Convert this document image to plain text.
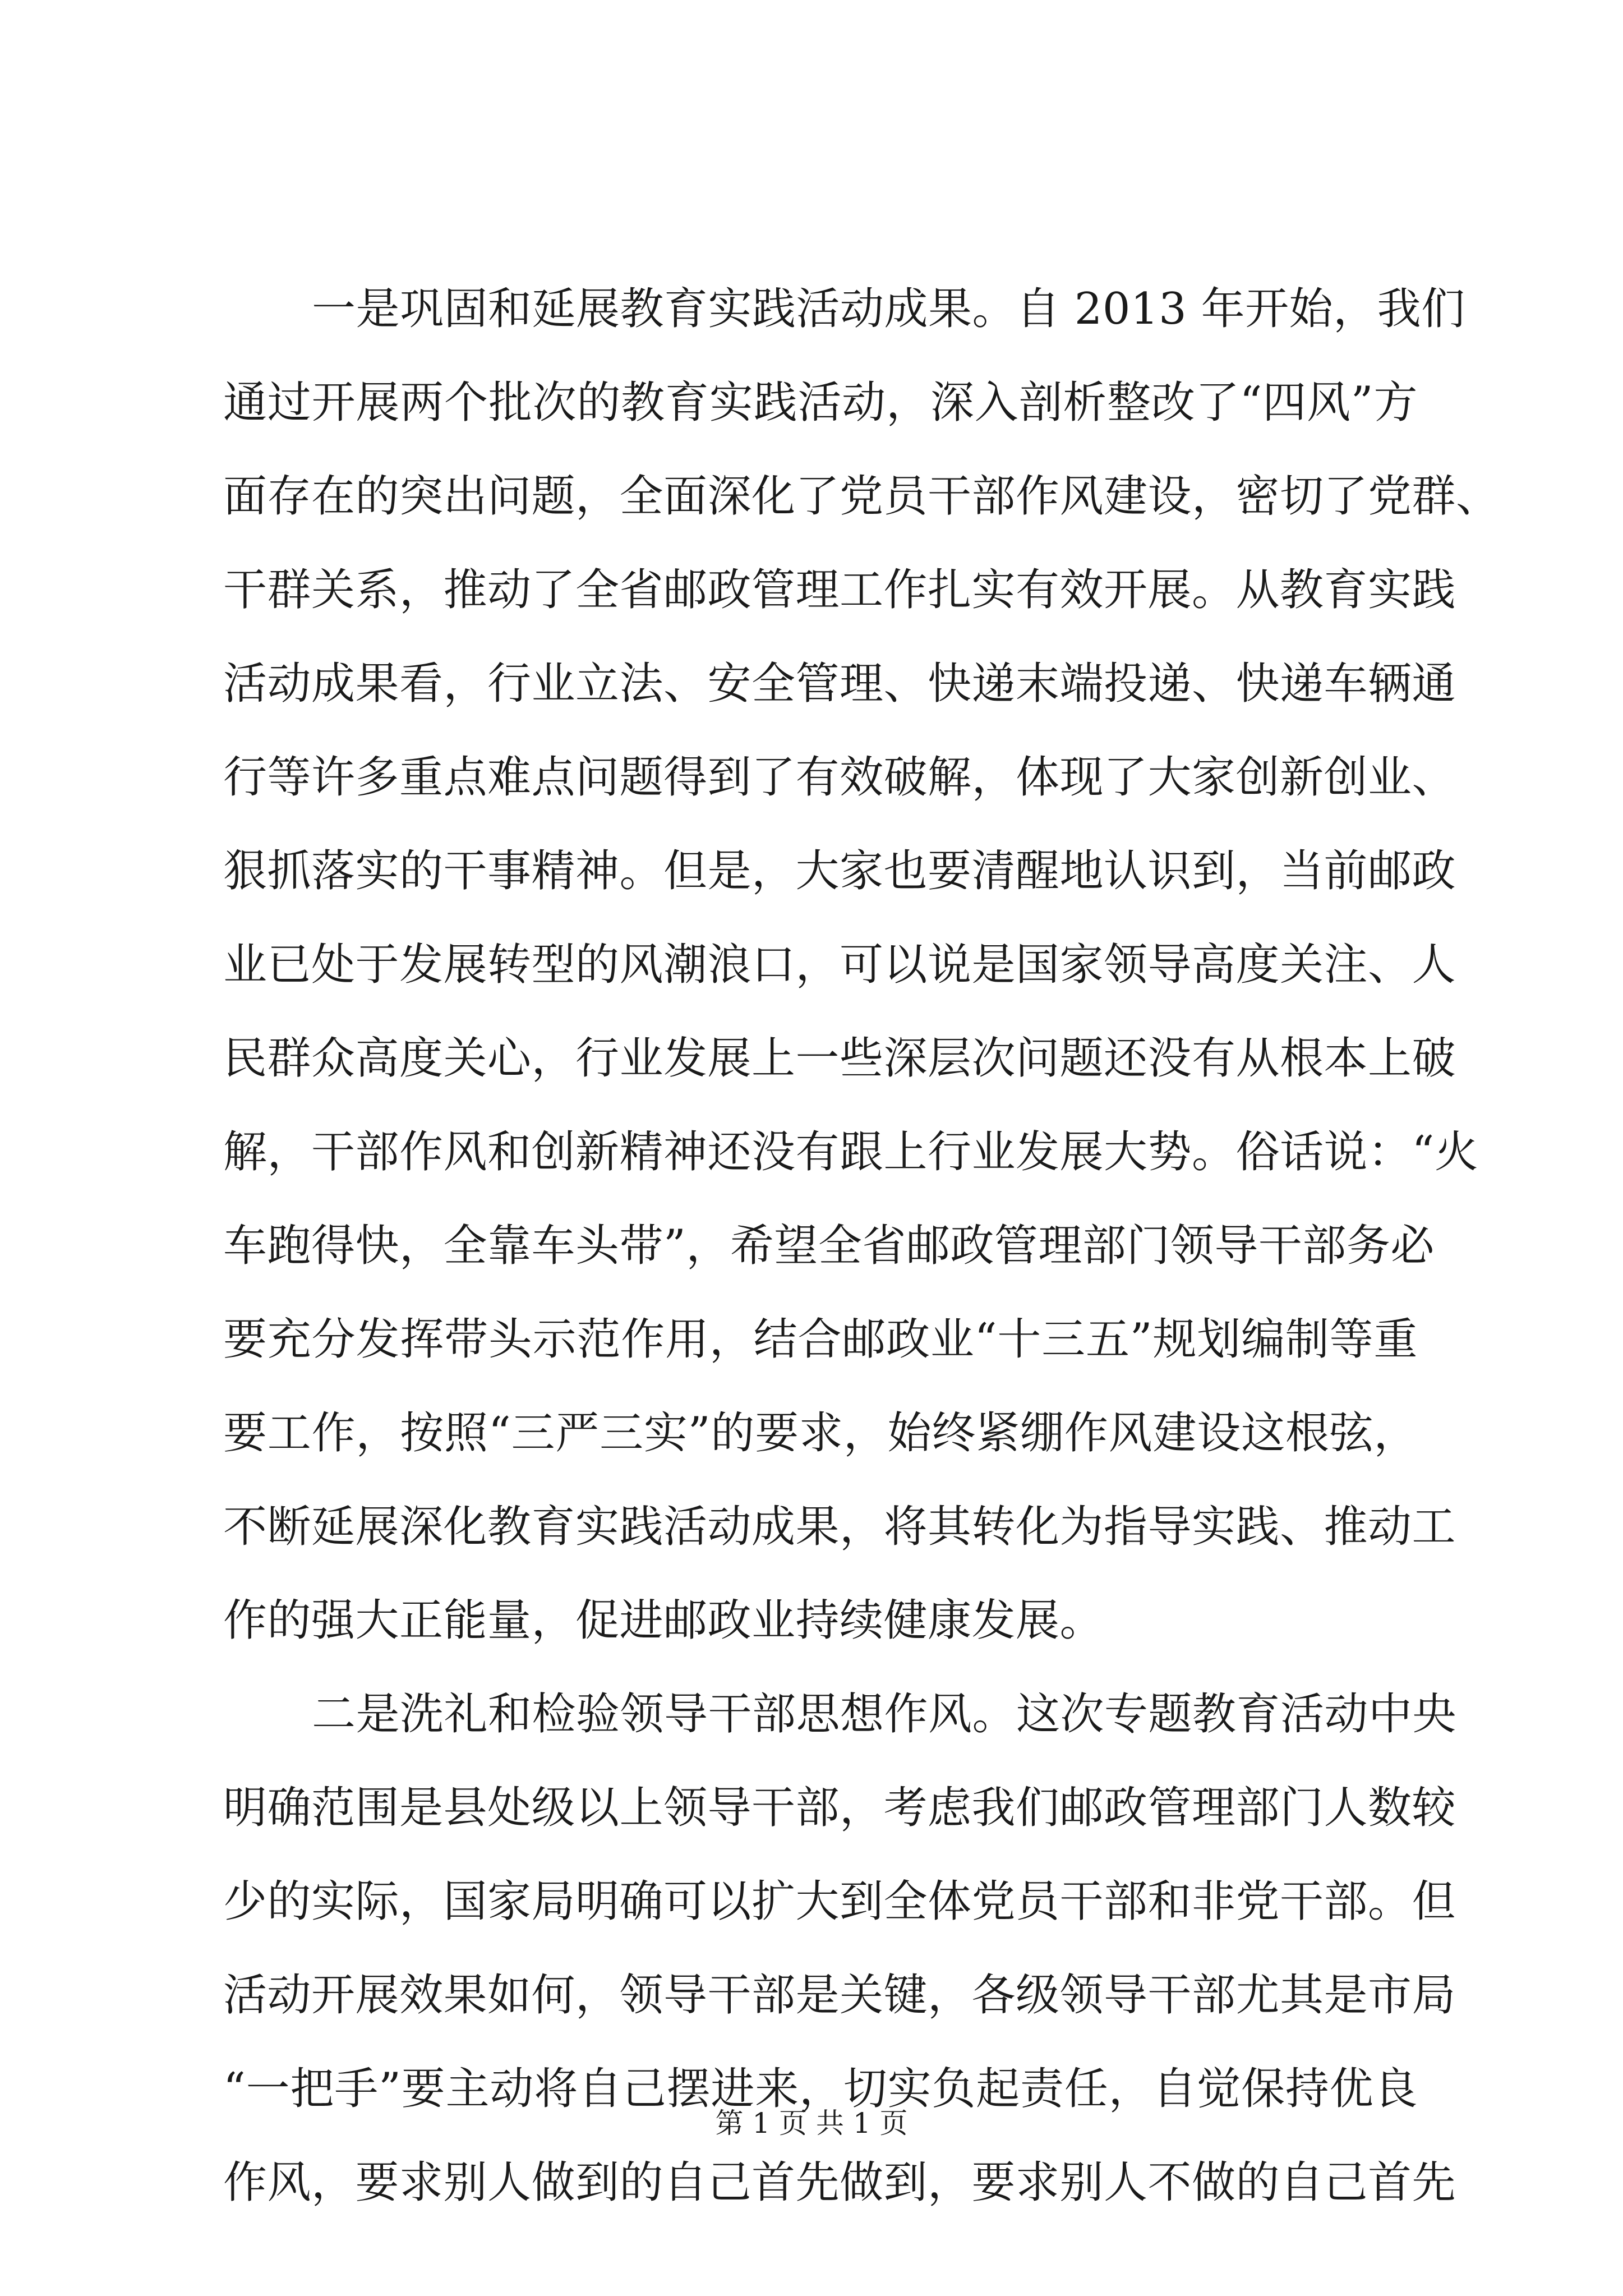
一是巩固和延展教育实践活动成果。自 2013 年开始，我们
通过开展两个批次的教育实践活动，深入剖析整改了“四风”方
面存在的突出问题，全面深化了党员干部作风建设，密切了党群、
干群关系，推动了全省邮政管理工作扎实有效开展。从教育实践
活动成果看，行业立法、安全管理、快递末端投递、快递车辆通
行等许多重点难点问题得到了有效破解，体现了大家创新创业、
狠抓落实的干事精神。但是，大家也要清醒地认识到，当前邮政
业已处于发展转型的风潮浪口，可以说是国家领导高度关注、人
民群众高度关心，行业发展上一些深层次问题还没有从根本上破
解，干部作风和创新精神还没有跟上行业发展大势。俗话说：“火
车跑得快，全靠车头带”，希望全省邮政管理部门领导干部务必
要充分发挥带头示范作用，结合邮政业“十三五”规划编制等重
要工作，按照“三严三实”的要求，始终紧绷作风建设这根弦，
不断延展深化教育实践活动成果，将其转化为指导实践、推动工
作的强大正能量，促进邮政业持续健康发展。
二是洗礼和检验领导干部思想作风。这次专题教育活动中央
明确范围是县处级以上领导干部，考虑我们邮政管理部门人数较
少的实际，国家局明确可以扩大到全体党员干部和非党干部。但
活动开展效果如何，领导干部是关键，各级领导干部尤其是市局
“一把手”要主动将自己摆进来，切实负起责任，自觉保持优良
作风，要求别人做到的自己首先做到，要求别人不做的自己首先
第 1 页 共 1 页
